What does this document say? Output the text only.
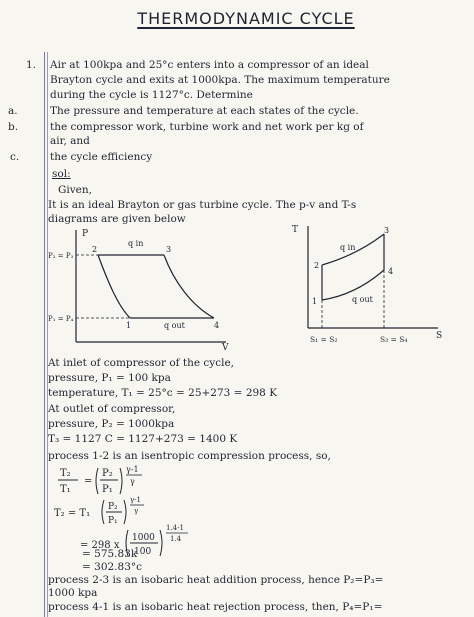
THERMODYNAMIC CYCLE
1. Air at 100kpa and 25°c enters into a compressor of an ideal
Brayton cycle and exits at 1000kpa. The maximum temperature
during the cycle is 1127°c. Determine
a.	The pressure and temperature at each states of the cycle.
b.	the compressor work, turbine work and net work per kg of
air, and
c.	the cycle efficiency
sol:
Given,
It is an ideal Brayton or gas turbine cycle. The p-v and T-s
diagrams are given below
P
V
P₂ = P₃
P₁ = P₄
2	3
1	4
q in
q out
T
S
2
3
1
4
q in
q out
S₁ = S₂	S₃ = S₄
At inlet of compressor of the cycle,
pressure, P₁ = 100 kpa
temperature, T₁ = 25°c = 25+273 = 298 K
At outlet of compressor,
pressure, P₂ = 1000kpa
T₃ = 1127 C = 1127+273 = 1400 K
process 1-2 is an isentropic compression process, so,
T₂
T₁
=
P₂
P₁
γ-1
γ
T₂ = T₁
P₂
P₁
γ-1
γ
= 298 x
1000
100
1.4-1
1.4
= 575.83k
= 302.83°c
process 2-3 is an isobaric heat addition process, hence P₂=P₃=
1000 kpa
process 4-1 is an isobaric heat rejection process, then, P₄=P₁=
